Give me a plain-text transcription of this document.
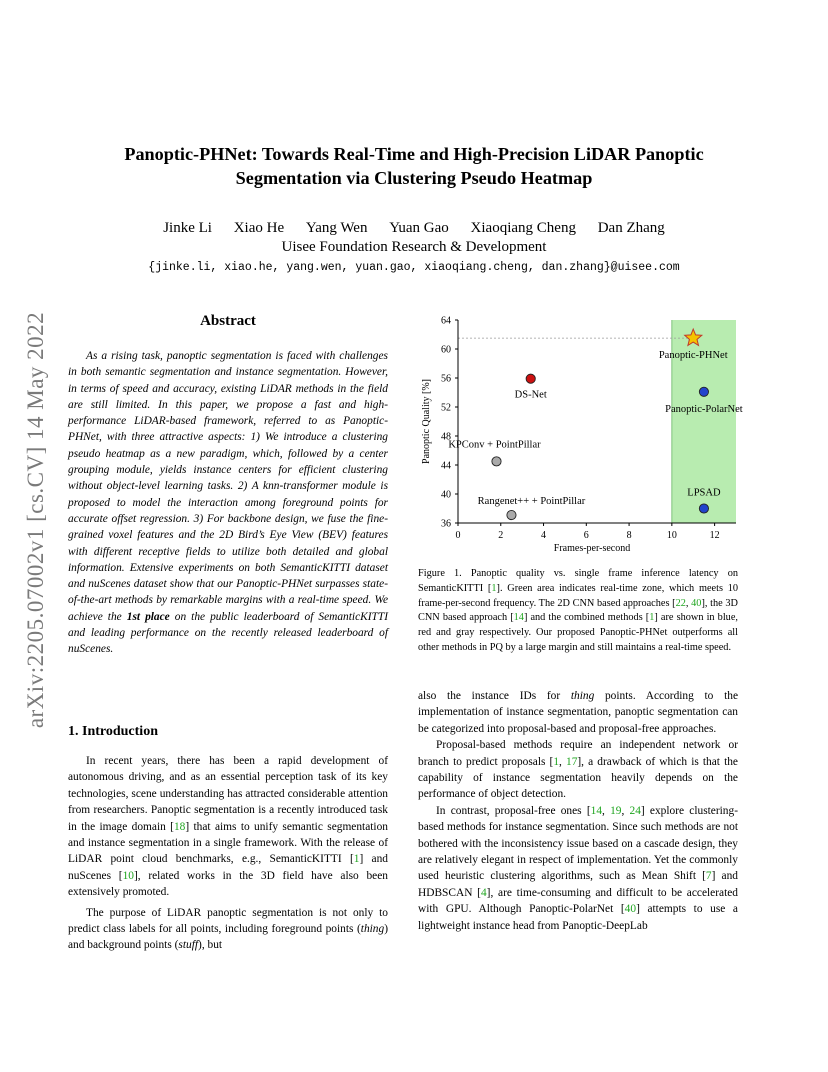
arXiv:2205.07002v1 [cs.CV] 14 May 2022
Panoptic-PHNet: Towards Real-Time and High-Precision LiDAR Panoptic
Segmentation via Clustering Pseudo Heatmap
Jinke Li Xiao He Yang Wen Yuan Gao Xiaoqiang Cheng Dan Zhang
Uisee Foundation Research & Development
{jinke.li, xiao.he, yang.wen, yuan.gao, xiaoqiang.cheng, dan.zhang}@uisee.com
Abstract

As a rising task, panoptic segmentation is faced with challenges in both semantic segmentation and instance segmentation. However, in terms of speed and accuracy, existing LiDAR methods in the field are still limited. In this paper, we propose a fast and high-performance LiDAR-based framework, referred to as Panoptic-PHNet, with three attractive aspects: 1) We introduce a clustering pseudo heatmap as a new paradigm, which, followed by a center grouping module, yields instance centers for efficient clustering without object-level learning tasks. 2) A knn-transformer module is proposed to model the interaction among foreground points for accurate offset regression. 3) For backbone design, we fuse the fine-grained voxel features and the 2D Bird’s Eye View (BEV) features with different receptive fields to utilize both detailed and global information. Extensive experiments on both SemanticKITTI dataset and nuScenes dataset show that our Panoptic-PHNet surpasses state-of-the-art methods by remarkable margins with a real-time speed. We achieve the 1st place on the public leaderboard of SemanticKITTI and leading performance on the recently released leaderboard of nuScenes.

1. Introduction

In recent years, there has been a rapid development of autonomous driving, and as an essential perception task of its key technologies, scene understanding has attracted considerable attention from researchers. Panoptic segmentation is a recently introduced task in the image domain [18] that aims to unify semantic segmentation and instance segmentation in a single framework. With the release of LiDAR point cloud benchmarks, e.g., SemanticKITTI [1] and nuScenes [10], related works in the 3D field have also been extensively promoted.

The purpose of LiDAR panoptic segmentation is not only to predict class labels for all points, including foreground points (thing) and background points (stuff), but

36
40
44
48
52
56
60
64
0	2	4	6	8	10	12
Frames-per-second
Panoptic Quality [%]
Panoptic-PHNet
DS-Net
Panoptic-PolarNet
KPConv + PointPillar
LPSAD
Rangenet++ + PointPillar

Figure 1. Panoptic quality vs. single frame inference latency on SemanticKITTI [1]. Green area indicates real-time zone, which meets 10 frame-per-second frequency. The 2D CNN based approaches [22, 40], the 3D CNN based approach [14] and the combined methods [1] are shown in blue, red and gray respectively. Our proposed Panoptic-PHNet outperforms all other methods in PQ by a large margin and still maintains a real-time speed.

also the instance IDs for thing points. According to the implementation of instance segmentation, panoptic segmentation can be categorized into proposal-based and proposal-free approaches.

Proposal-based methods require an independent network or branch to predict proposals [1, 17], a drawback of which is that the capability of instance segmentation heavily depends on the performance of object detection.

In contrast, proposal-free ones [14, 19, 24] explore clustering-based methods for instance segmentation. Since such methods are not bothered with the inconsistency issue based on a cascade design, they are relatively elegant in respect of implementation. Yet the commonly used heuristic clustering algorithms, such as Mean Shift [7] and HDBSCAN [4], are time-consuming and difficult to be accelerated with GPU. Although Panoptic-PolarNet [40] attempts to use a lightweight instance head from Panoptic-DeepLab
